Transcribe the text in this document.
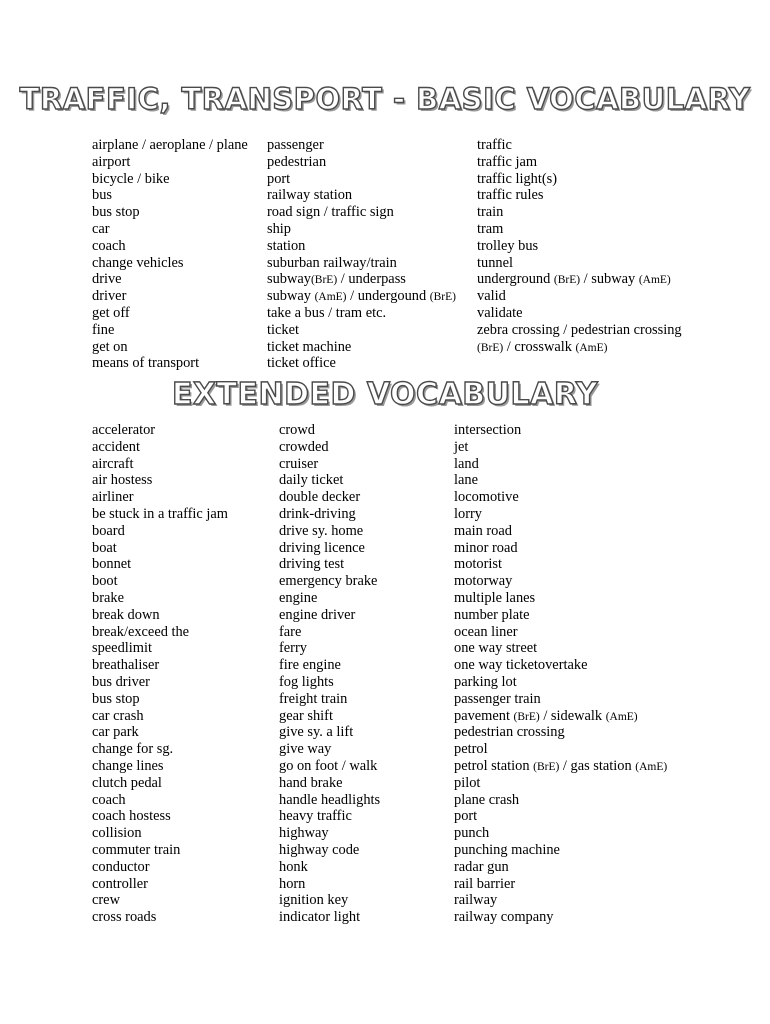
TRAFFIC, TRANSPORT - BASIC VOCABULARY
airplane / aeroplane / plane
airport
bicycle / bike
bus
bus stop
car
coach
change vehicles
drive
driver
get off
fine
get on
means of transport
passenger
pedestrian
port
railway station
road sign / traffic sign
ship
station
suburban railway/train
subway(BrE) / underpass
subway (AmE) / undergound (BrE)
take a bus / tram etc.
ticket
ticket machine
ticket office
traffic
traffic jam
traffic light(s)
traffic rules
train
tram
trolley bus
tunnel
underground (BrE) / subway (AmE)
valid
validate
zebra crossing / pedestrian crossing
(BrE) / crosswalk (AmE)
EXTENDED VOCABULARY
accelerator
accident
aircraft
air hostess
airliner
be stuck in a traffic jam
board
boat
bonnet
boot
brake
break down
break/exceed the
speedlimit
breathaliser
bus driver
bus stop
car crash
car park
change for sg.
change lines
clutch pedal
coach
coach hostess
collision
commuter train
conductor
controller
crew
cross roads
crowd
crowded
cruiser
daily ticket
double decker
drink-driving
drive sy. home
driving licence
driving test
emergency brake
engine
engine driver
fare
ferry
fire engine
fog lights
freight train
gear shift
give sy. a lift
give way
go on foot / walk
hand brake
handle headlights
heavy traffic
highway
highway code
honk
horn
ignition key
indicator light
intersection
jet
land
lane
locomotive
lorry
main road
minor road
motorist
motorway
multiple lanes
number plate
ocean liner
one way street
one way ticketovertake
parking lot
passenger train
pavement (BrE) / sidewalk (AmE)
pedestrian crossing
petrol
petrol station (BrE) / gas station (AmE)
pilot
plane crash
port
punch
punching machine
radar gun
rail barrier
railway
railway company
